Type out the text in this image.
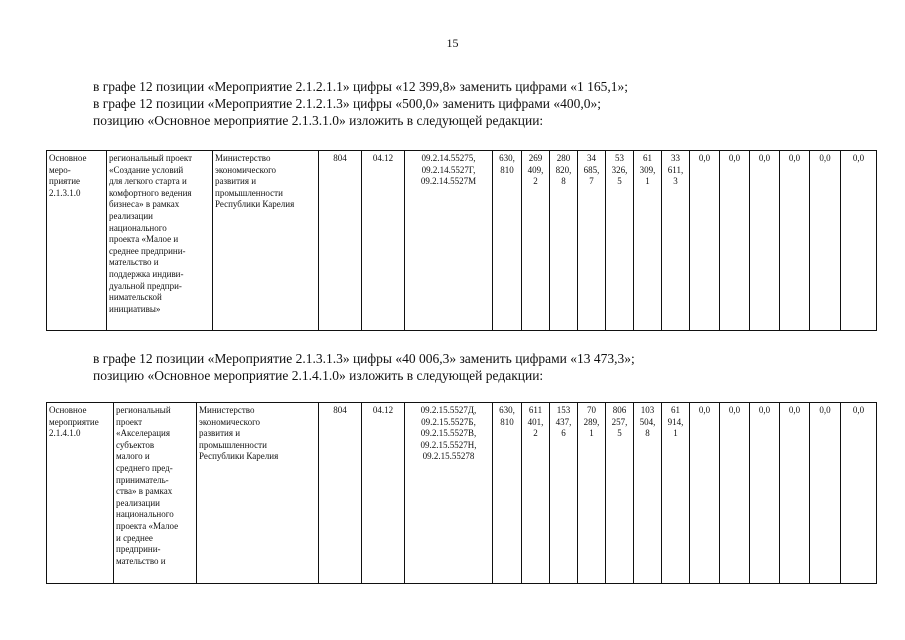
15
в графе 12 позиции «Мероприятие 2.1.2.1.1» цифры «12 399,8» заменить цифрами «1 165,1»;
в графе 12 позиции «Мероприятие 2.1.2.1.3» цифры «500,0» заменить цифрами «400,0»;
позицию «Основное мероприятие 2.1.3.1.0» изложить в следующей редакции:
Основное
меро-
приятие
2.1.3.1.0

региональный проект
«Создание условий
для легкого старта и
комфортного ведения
бизнеса» в рамках
реализации
национального
проекта «Малое и
среднее предприни-
мательство и
поддержка индиви-
дуальной предпри-
нимательской
инициативы»

Министерство
экономического
развития и
промышленности
Республики Карелия

804	04.12	09.2.14.55275,
09.2.14.5527Г,
09.2.14.5527М

630,
810

269
409,
2

280
820,
8

34
685,
7

53
326,
5

61
309,
1

33
611,
3
	0,0	0,0	0,0	0,0	0,0	0,0
в графе 12 позиции «Мероприятие 2.1.3.1.3» цифры «40 006,3» заменить цифрами «13 473,3»;
позицию «Основное мероприятие 2.1.4.1.0» изложить в следующей редакции:
Основное
мероприятие
2.1.4.1.0

региональный
проект
«Акселерация
субъектов
малого и
среднего пред-
приниматель-
ства» в рамках
реализации
национального
проекта «Малое
и среднее
предприни-
мательство и

Министерство
экономического
развития и
промышленности
Республики Карелия

804	04.12	09.2.15.5527Д,
09.2.15.5527Б,
09.2.15.5527В,
09.2.15.5527Н,
09.2.15.55278

630,
810

611
401,
2

153
437,
6

70
289,
1

806
257,
5

103
504,
8

61
914,
1
	0,0	0,0	0,0	0,0	0,0	0,0
